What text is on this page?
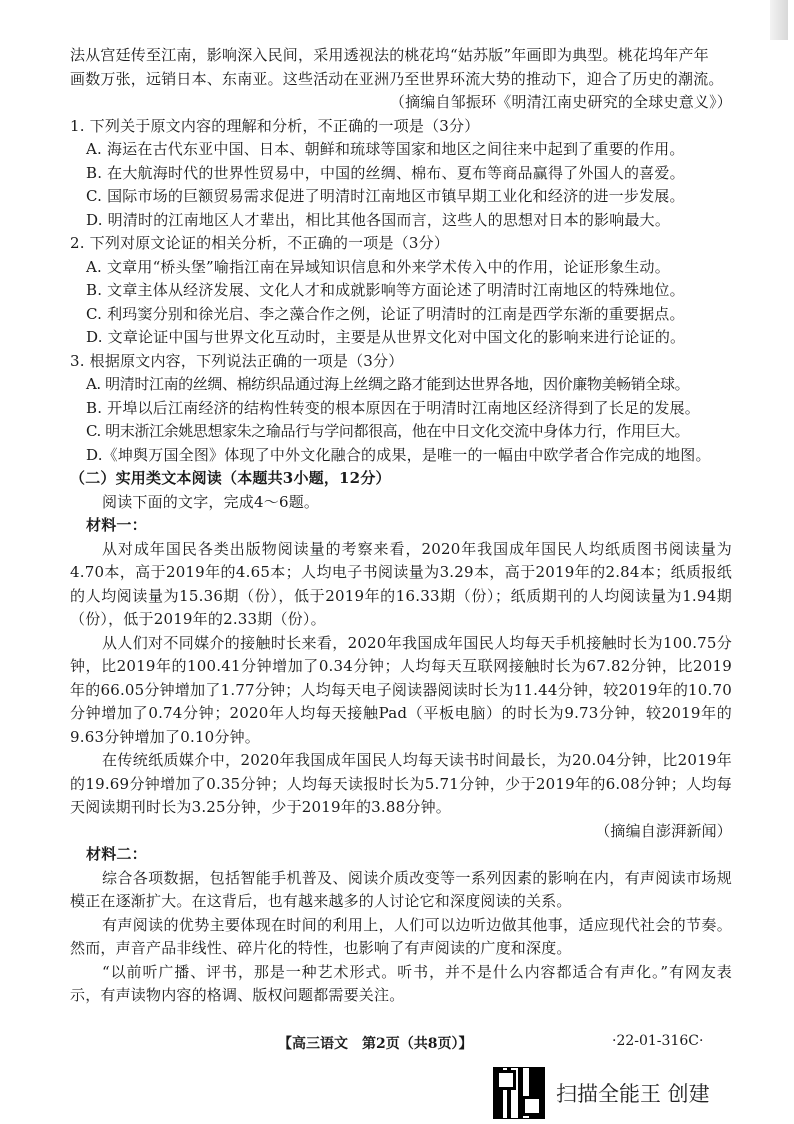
法从宫廷传至江南，影响深入民间，采用透视法的桃花坞“姑苏版”年画即为典型。桃花坞年产年
画数万张，远销日本、东南亚。这些活动在亚洲乃至世界环流大势的推动下，迎合了历史的潮流。
（摘编自邹振环《明清江南史研究的全球史意义》）
1. 下列关于原文内容的理解和分析，不正确的一项是（3分）
A. 海运在古代东亚中国、日本、朝鲜和琉球等国家和地区之间往来中起到了重要的作用。
B. 在大航海时代的世界性贸易中，中国的丝绸、棉布、夏布等商品赢得了外国人的喜爱。
C. 国际市场的巨额贸易需求促进了明清时江南地区市镇早期工业化和经济的进一步发展。
D. 明清时的江南地区人才辈出，相比其他各国而言，这些人的思想对日本的影响最大。
2. 下列对原文论证的相关分析，不正确的一项是（3分）
A. 文章用“桥头堡”喻指江南在异域知识信息和外来学术传入中的作用，论证形象生动。
B. 文章主体从经济发展、文化人才和成就影响等方面论述了明清时江南地区的特殊地位。
C. 利玛窦分别和徐光启、李之藻合作之例，论证了明清时的江南是西学东渐的重要据点。
D. 文章论证中国与世界文化互动时，主要是从世界文化对中国文化的影响来进行论证的。
3. 根据原文内容，下列说法正确的一项是（3分）
A. 明清时江南的丝绸、棉纺织品通过海上丝绸之路才能到达世界各地，因价廉物美畅销全球。
B. 开埠以后江南经济的结构性转变的根本原因在于明清时江南地区经济得到了长足的发展。
C. 明末浙江余姚思想家朱之瑜品行与学问都很高，他在中日文化交流中身体力行，作用巨大。
D.《坤舆万国全图》体现了中外文化融合的成果，是唯一的一幅由中欧学者合作完成的地图。
（二）实用类文本阅读（本题共3小题，12分）
阅读下面的文字，完成4～6题。
材料一：
从对成年国民各类出版物阅读量的考察来看，2020年我国成年国民人均纸质图书阅读量为4.70本，高于2019年的4.65本；人均电子书阅读量为3.29本，高于2019年的2.84本；纸质报纸的人均阅读量为15.36期（份），低于2019年的16.33期（份）；纸质期刊的人均阅读量为1.94期（份），低于2019年的2.33期（份）。
从人们对不同媒介的接触时长来看，2020年我国成年国民人均每天手机接触时长为100.75分钟，比2019年的100.41分钟增加了0.34分钟；人均每天互联网接触时长为67.82分钟，比2019年的66.05分钟增加了1.77分钟；人均每天电子阅读器阅读时长为11.44分钟，较2019年的10.70分钟增加了0.74分钟；2020年人均每天接触Pad（平板电脑）的时长为9.73分钟，较2019年的9.63分钟增加了0.10分钟。
在传统纸质媒介中，2020年我国成年国民人均每天读书时间最长，为20.04分钟，比2019年的19.69分钟增加了0.35分钟；人均每天读报时长为5.71分钟，少于2019年的6.08分钟；人均每天阅读期刊时长为3.25分钟，少于2019年的3.88分钟。
（摘编自澎湃新闻）
材料二：
综合各项数据，包括智能手机普及、阅读介质改变等一系列因素的影响在内，有声阅读市场规模正在逐渐扩大。在这背后，也有越来越多的人讨论它和深度阅读的关系。
有声阅读的优势主要体现在时间的利用上，人们可以边听边做其他事，适应现代社会的节奏。然而，声音产品非线性、碎片化的特性，也影响了有声阅读的广度和深度。
“以前听广播、评书，那是一种艺术形式。听书，并不是什么内容都适合有声化。”有网友表示，有声读物内容的格调、版权问题都需要关注。
【高三语文　第2页（共8页）】	·22-01-316C·
扫描全能王 创建
